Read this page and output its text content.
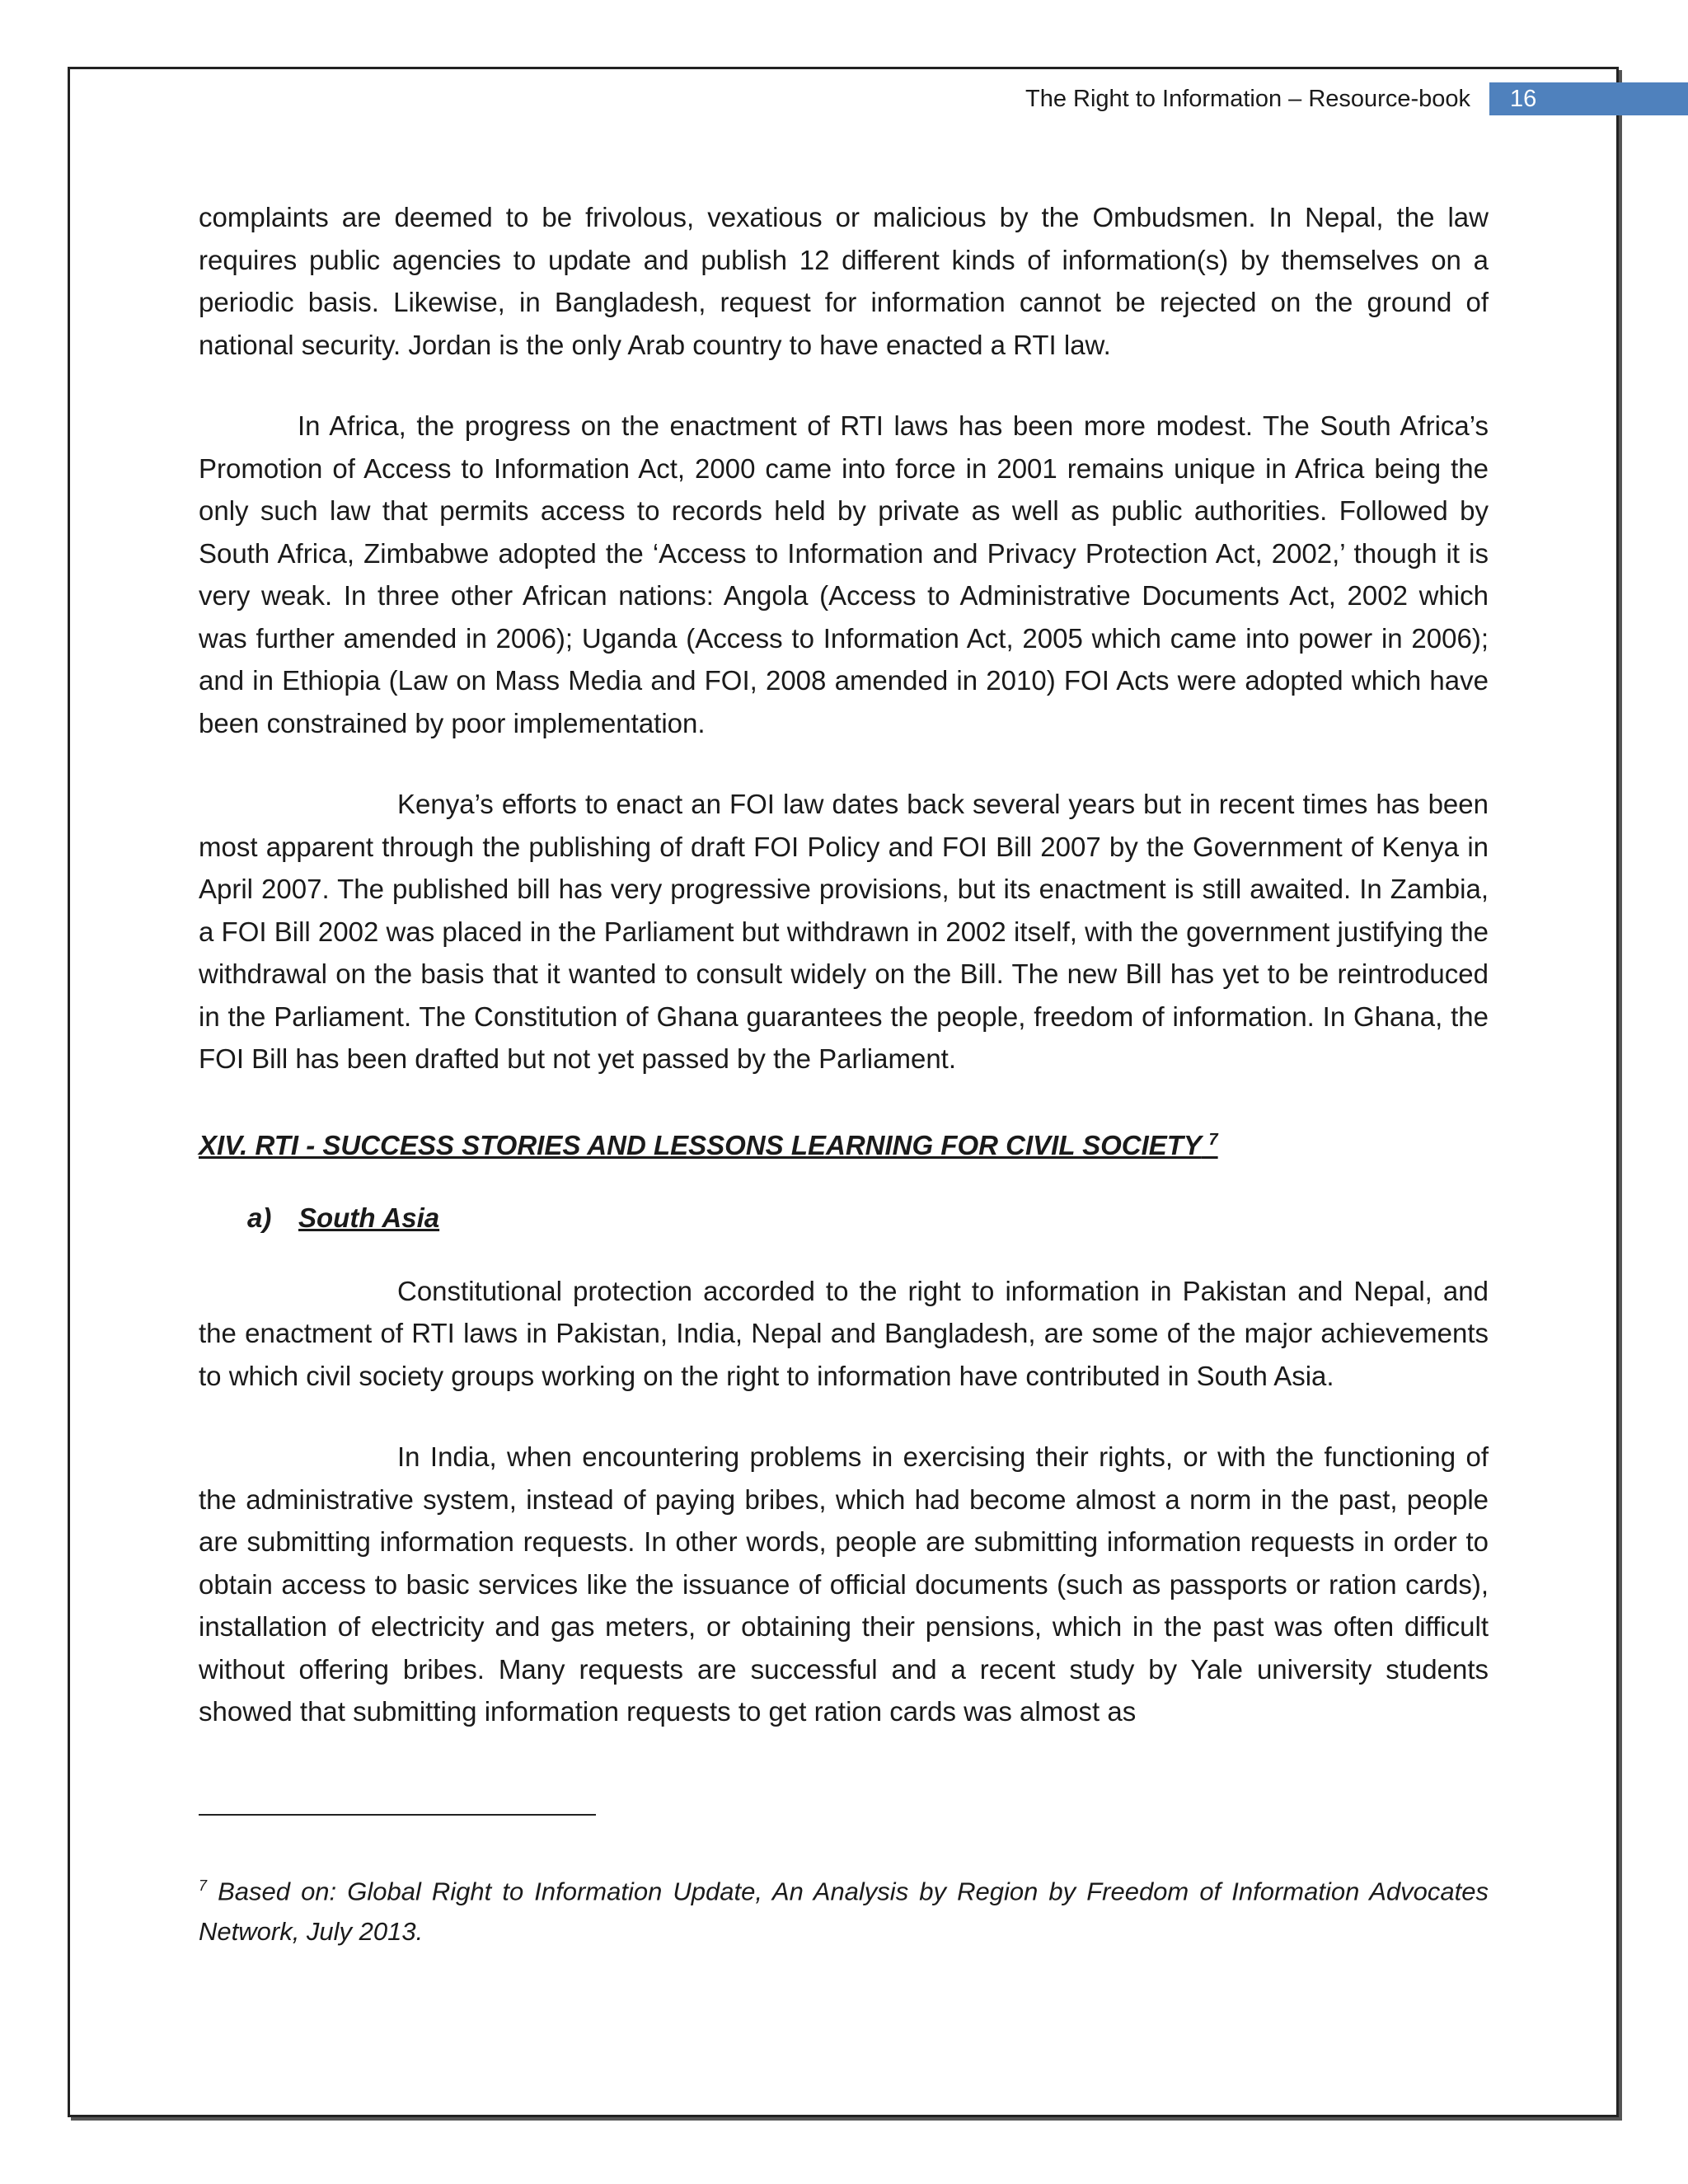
The Right to Information – Resource-book	16

complaints are deemed to be frivolous, vexatious or malicious by the Ombudsmen. In Nepal, the law requires public agencies to update and publish 12 different kinds of information(s) by themselves on a periodic basis. Likewise, in Bangladesh, request for information cannot be rejected on the ground of national security. Jordan is the only Arab country to have enacted a RTI law.

In Africa, the progress on the enactment of RTI laws has been more modest. The South Africa’s Promotion of Access to Information Act, 2000 came into force in 2001 remains unique in Africa being the only such law that permits access to records held by private as well as public authorities. Followed by South Africa, Zimbabwe adopted the ‘Access to Information and Privacy Protection Act, 2002,’ though it is very weak. In three other African nations: Angola (Access to Administrative Documents Act, 2002 which was further amended in 2006); Uganda (Access to Information Act, 2005 which came into power in 2006); and in Ethiopia (Law on Mass Media and FOI, 2008 amended in 2010) FOI Acts were adopted which have been constrained by poor implementation.

Kenya’s efforts to enact an FOI law dates back several years but in recent times has been most apparent through the publishing of draft FOI Policy and FOI Bill 2007 by the Government of Kenya in April 2007. The published bill has very progressive provisions, but its enactment is still awaited. In Zambia, a FOI Bill 2002 was placed in the Parliament but withdrawn in 2002 itself, with the government justifying the withdrawal on the basis that it wanted to consult widely on the Bill. The new Bill has yet to be reintroduced in the Parliament. The Constitution of Ghana guarantees the people, freedom of information. In Ghana, the FOI Bill has been drafted but not yet passed by the Parliament.

XIV. RTI - SUCCESS STORIES AND LESSONS LEARNING FOR CIVIL SOCIETY $^7$
a) South Asia

Constitutional protection accorded to the right to information in Pakistan and Nepal, and the enactment of RTI laws in Pakistan, India, Nepal and Bangladesh, are some of the major achievements to which civil society groups working on the right to information have contributed in South Asia.

In India, when encountering problems in exercising their rights, or with the functioning of the administrative system, instead of paying bribes, which had become almost a norm in the past, people are submitting information requests. In other words, people are submitting information requests in order to obtain access to basic services like the issuance of official documents (such as passports or ration cards), installation of electricity and gas meters, or obtaining their pensions, which in the past was often difficult without offering bribes. Many requests are successful and a recent study by Yale university students showed that submitting information requests to get ration cards was almost as

$^7$ Based on: Global Right to Information Update, An Analysis by Region by Freedom of Information Advocates Network, July 2013.
